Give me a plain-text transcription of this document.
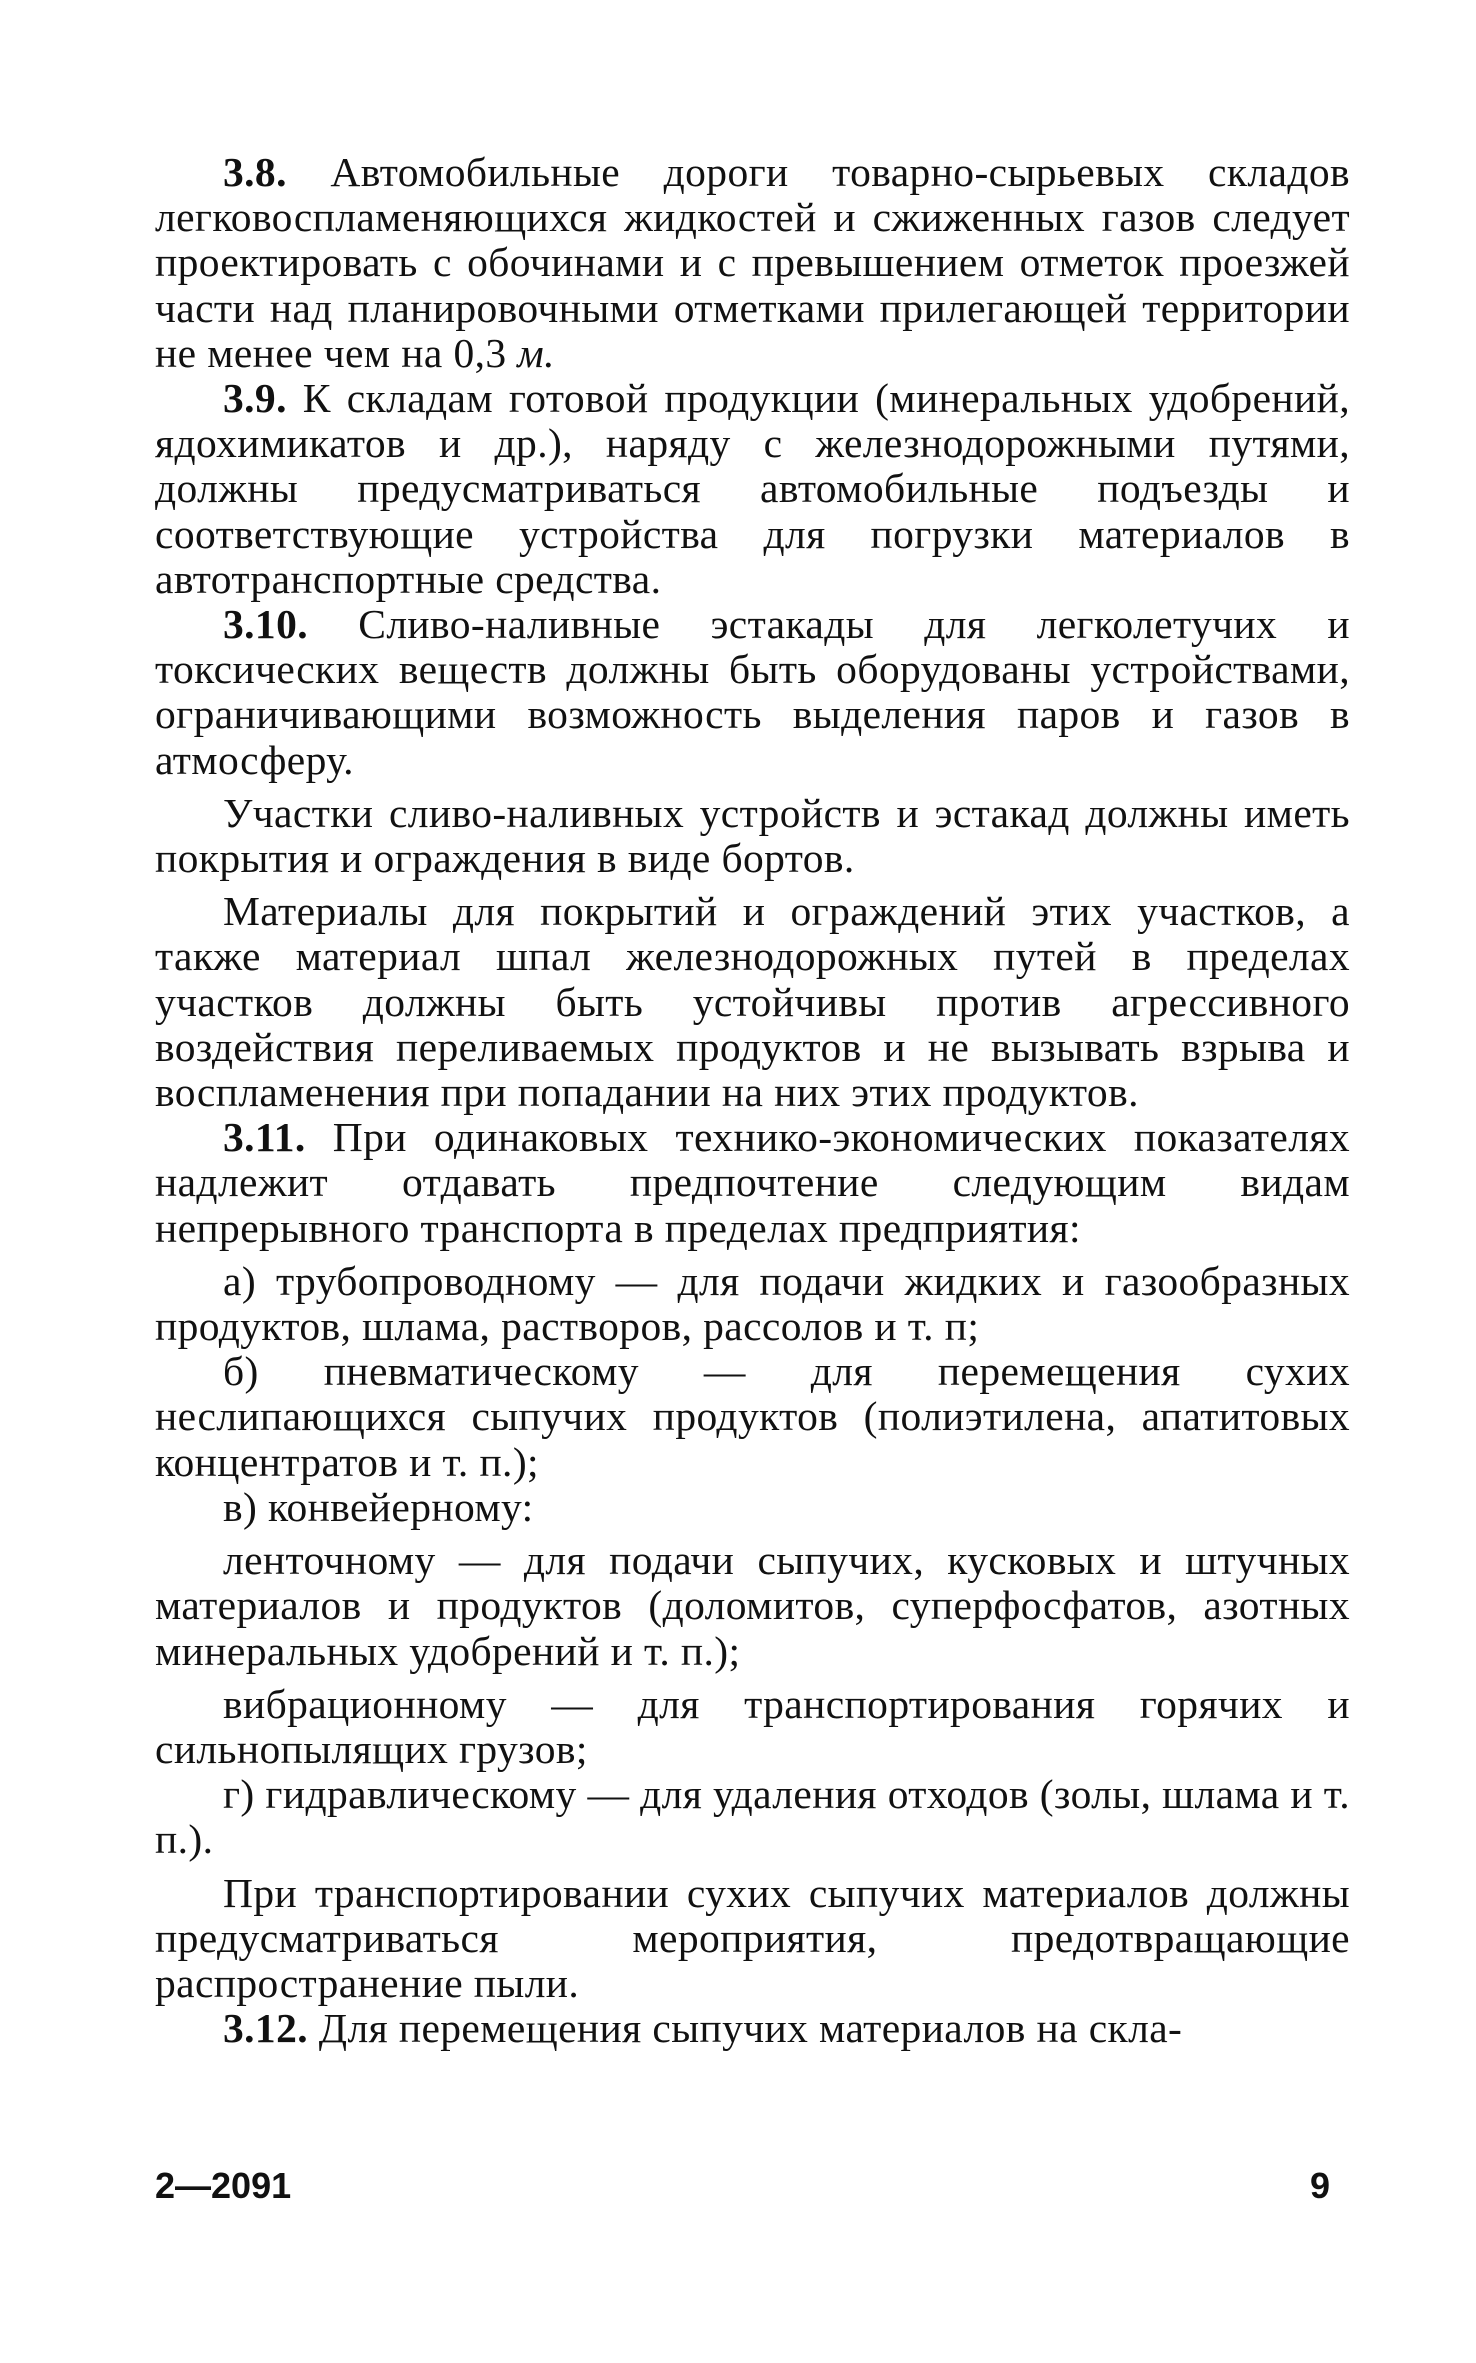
3.8. Автомобильные дороги товарно-сырьевых складов легковоспламеняющихся жидкостей и сжиженных газов следует проектировать с обочинами и с превышением отметок проезжей части над планировочными отметками прилегающей территории не менее чем на 0,3 м.

3.9. К складам готовой продукции (минеральных удобрений, ядохимикатов и др.), наряду с железнодорожными путями, должны предусматриваться автомобильные подъезды и соответствующие устройства для погрузки материалов в автотранспортные средства.

3.10. Сливо-наливные эстакады для легколетучих и токсических веществ должны быть оборудованы устройствами, ограничивающими возможность выделения паров и газов в атмосферу.

Участки сливо-наливных устройств и эстакад должны иметь покрытия и ограждения в виде бортов.

Материалы для покрытий и ограждений этих участков, а также материал шпал железнодорожных путей в пределах участков должны быть устойчивы против агрессивного воздействия переливаемых продуктов и не вызывать взрыва и воспламенения при попадании на них этих продуктов.

3.11. При одинаковых технико-экономических показателях надлежит отдавать предпочтение следующим видам непрерывного транспорта в пределах предприятия:

а) трубопроводному — для подачи жидких и газообразных продуктов, шлама, растворов, рассолов и т. п;

б) пневматическому — для перемещения сухих неслипающихся сыпучих продуктов (полиэтилена, апатитовых концентратов и т. п.);

в) конвейерному:

ленточному — для подачи сыпучих, кусковых и штучных материалов и продуктов (доломитов, суперфосфатов, азотных минеральных удобрений и т. п.);

вибрационному — для транспортирования горячих и сильнопылящих грузов;

г) гидравлическому — для удаления отходов (золы, шлама и т. п.).

При транспортировании сухих сыпучих материалов должны предусматриваться мероприятия, предотвращающие распространение пыли.

3.12. Для перемещения сыпучих материалов на скла-

2—2091	9
